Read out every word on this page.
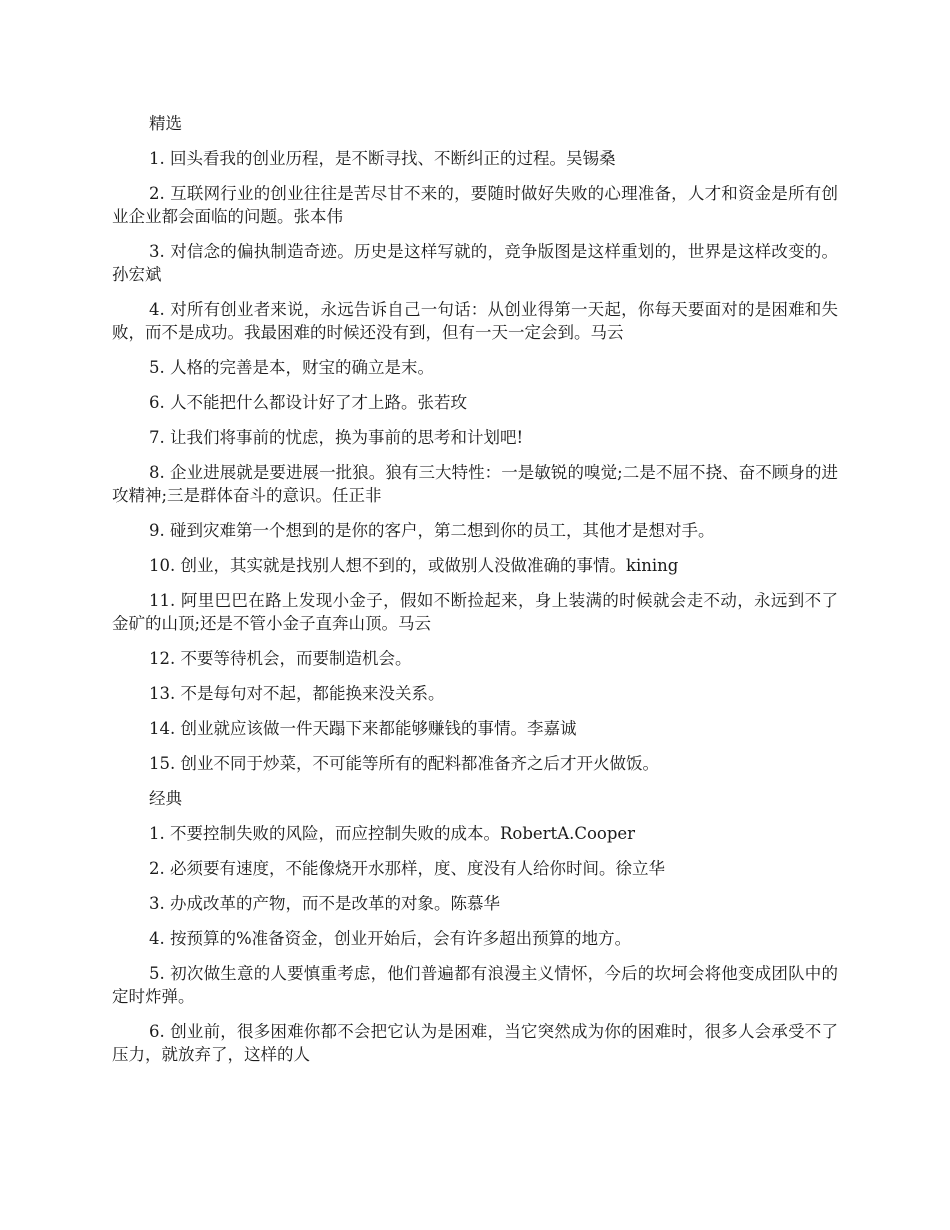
精选

1. 回头看我的创业历程，是不断寻找、不断纠正的过程。吴锡桑

2. 互联网行业的创业往往是苦尽甘不来的，要随时做好失败的心理准备，人才和资金是所有创业企业都会面临的问题。张本伟

3. 对信念的偏执制造奇迹。历史是这样写就的，竞争版图是这样重划的，世界是这样改变的。孙宏斌

4. 对所有创业者来说，永远告诉自己一句话：从创业得第一天起，你每天要面对的是困难和失败，而不是成功。我最困难的时候还没有到，但有一天一定会到。马云

5. 人格的完善是本，财宝的确立是末。

6. 人不能把什么都设计好了才上路。张若玫

7. 让我们将事前的忧虑，换为事前的思考和计划吧!

8. 企业进展就是要进展一批狼。狼有三大特性：一是敏锐的嗅觉;二是不屈不挠、奋不顾身的进攻精神;三是群体奋斗的意识。任正非

9. 碰到灾难第一个想到的是你的客户，第二想到你的员工，其他才是想对手。

10. 创业，其实就是找别人想不到的，或做别人没做准确的事情。kining

11. 阿里巴巴在路上发现小金子，假如不断捡起来，身上装满的时候就会走不动，永远到不了金矿的山顶;还是不管小金子直奔山顶。马云

12. 不要等待机会，而要制造机会。

13. 不是每句对不起，都能换来没关系。

14. 创业就应该做一件天蹋下来都能够赚钱的事情。李嘉诚

15. 创业不同于炒菜，不可能等所有的配料都准备齐之后才开火做饭。

经典

1. 不要控制失败的风险，而应控制失败的成本。RobertA.Cooper

2. 必须要有速度，不能像烧开水那样，度、度没有人给你时间。徐立华

3. 办成改革的产物，而不是改革的对象。陈慕华

4. 按预算的%准备资金，创业开始后，会有许多超出预算的地方。

5. 初次做生意的人要慎重考虑，他们普遍都有浪漫主义情怀，今后的坎坷会将他变成团队中的定时炸弹。

6. 创业前，很多困难你都不会把它认为是困难，当它突然成为你的困难时，很多人会承受不了压力，就放弃了，这样的人
